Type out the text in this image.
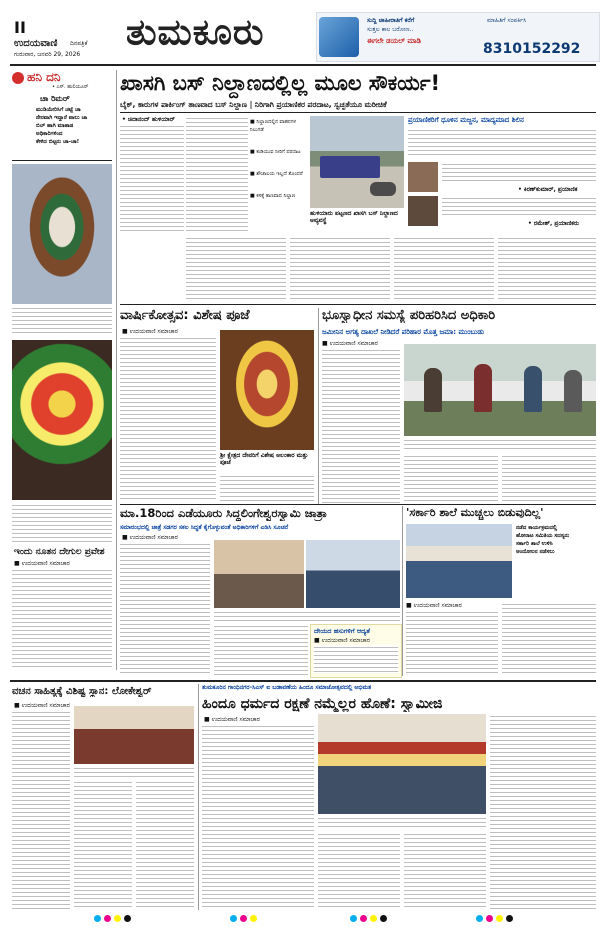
II
ಉದಯವಾಣಿ ದಿನಪತ್ರಿಕೆ
ಗುರುವಾರ, ಜನವರಿ 29, 2026
ತುಮಕೂರು	ಸುದ್ದಿ ಜಾಹೀರಾತಿಗೆ ಕರೆಗೆ
ಸುತ್ತಲ ಕಾಲ ಬರೋಣ..
ಈಗಲೇ ಡಯಲ್ ಮಾಡಿ
ಮಾಹಿತಿಗೆ ಸಂಪರ್ಕಿಸಿ
8310152292
ಹನಿ ದನಿ
• ಎಸ್. ಹುಲಿಯೂರ್
ಚಾ ರಿಮರ್
ಮುಡಿಯೇರಿಸಿಗೆ ಚಟ್ಟೆ ಚಾ
ನೇರವಾಗಿ ಇದ್ದಾರೆ ಪಾಲು ಚಾ
ಬಿಲ್ ಹಾಗಿ ಮಾತಾಡ
ಅಧಿಕಾರಿಗಳಿಂದ
ಕೇಳಿದ ಬಿಟ್ಟರು ಚಾ-ಚಾ!
ಇಂದು ನೂತನ ದೇಗುಲ ಪ್ರವೇಶ
■ ಉದಯವಾಣಿ ಸಮಾಚಾರ
ಖಾಸಗಿ ಬಸ್ ನಿಲ್ದಾಣದಲ್ಲಿಲ್ಲ ಮೂಲ ಸೌಕರ್ಯ!
ಬೈಕ್, ಕಾರುಗಳ ಪಾರ್ಕಿಂಗ್ ತಾಣವಾದ ಬಸ್ ನಿಲ್ದಾಣ | ನಿರಿಗಾಗಿ ಪ್ರಯಾಣಿಕರ ಪರದಾಟ, ಸ್ವಚ್ಛತೆಯೂ ಮರೀಚಿಕೆ
• ಚಿದಾನಂದ್ ಹುಳಿಯಾರ್	■ ನಿಲ್ದಾಣದಲ್ಲಿನ ವಾಹನಗಳ ನಿಲುಗಡೆ
■ ಕುಡಿಯುವ ನೀರಿಗೆ ಪರದಾಟ
■ ಶೌಚಾಲಯ ಇಲ್ಲದೆ ತೊಂದರೆ
■ ಕಸಕ್ಕೆ ತಾಣವಾದ ನಿಲ್ದಾಣ
ಹುಳಿಯಾರು ಪಟ್ಟಣದ ಖಾಸಗಿ ಬಸ್ ನಿಲ್ದಾಣದ ಅವ್ಯವಸ್ಥೆ
ಪ್ರಯಾಣಿಕರಿಗೆ ಧೂಳಿನ ಮಜ್ಜನ, ಮಾದ್ಯಮಾದ ಶಿಲಿನ
• ಕಿರಣ್‌ಕುಮಾರ್, ಪ್ರಯಾಣಿಕ
• ರಮೇಶ್, ಪ್ರಯಾಣಿಕರು
ವಾರ್ಷಿಕೋತ್ಸವ: ವಿಶೇಷ ಪೂಜೆ
■ ಉದಯವಾಣಿ ಸಮಾಚಾರ
ಶ್ರೀ ಕ್ಷೇತ್ರದ ದೇವರಿಗೆ ವಿಶೇಷ ಅಲಂಕಾರ ಮತ್ತು ಪೂಜೆ
ಭೂಸ್ವಾಧೀನ ಸಮಸ್ಯೆ ಪರಿಹರಿಸಿದ ಅಧಿಕಾರಿ
ಜಮೀನಿನ ಅಗತ್ಯ ದಾಖಲೆ ನೀಡಿದರೆ ಪರಿಹಾರ ಮೊತ್ತ ಜಮಾ: ಮುಂಬುಡು
■ ಉದಯವಾಣಿ ಸಮಾಚಾರ
ಮಾ.18ರಿಂದ ಎಡೆಯೂರು ಸಿದ್ಧಲಿಂಗೇಶ್ವರಸ್ವಾಮಿ ಜಾತ್ರಾ
ಸಮಾರಂಭದಲ್ಲಿ ಜಾತ್ರೆ ಸಡಗರ ಸಕಲ ಸಿದ್ಧತೆ ಕೈಗೊಳ್ಳುವಂತೆ ಅಧಿಕಾರಿಗಳಿಗೆ ಎಡಿಸಿ ಸೂಚನೆ
■ ಉದಯವಾಣಿ ಸಮಾಚಾರ
ದೇಯದ ಹಸುಗಳಿಗೆ ಆದ್ಯತೆ
■ ಉದಯವಾಣಿ ಸಮಾಚಾರ
'ಸರ್ಕಾರಿ ಶಾಲೆ ಮುಚ್ಚಲು ಬಿಡುವುದಿಲ್ಲ'
ನಡೆದ ಕಾರ್ಯಕ್ರಮದಲ್ಲಿ
ಹೋರಾಟ ಸಮಿತಿಯ ಸದಸ್ಯರು
ಸರ್ಕಾರಿ ಶಾಲೆ ಉಳಿಸಿ
ಆಂದೋಲನ ನಡೆಸಲು
■ ಉದಯವಾಣಿ ಸಮಾಚಾರ
ವಚನ ಸಾಹಿತ್ಯಕ್ಕೆ ವಿಶಿಷ್ಟ ಸ್ಥಾನ: ಲೋಕೇಶ್ವರ್
■ ಉದಯವಾಣಿ ಸಮಾಚಾರ
ತುಮಕೂರಿನ ಗಾಂಧಿನಗರ-ಸಿಎಸ್ ಐ ಬಡಾವಣೆಯ ಹಿಂದೂ ಸಮಾಜೋತ್ಸವದಲ್ಲಿ ಅಭಿಮತ
ಹಿಂದೂ ಧರ್ಮದ ರಕ್ಷಣೆ ನಮ್ಮೆಲ್ಲರ ಹೊಣೆ: ಸ್ವಾಮೀಜಿ
■ ಉದಯವಾಣಿ ಸಮಾಚಾರ
